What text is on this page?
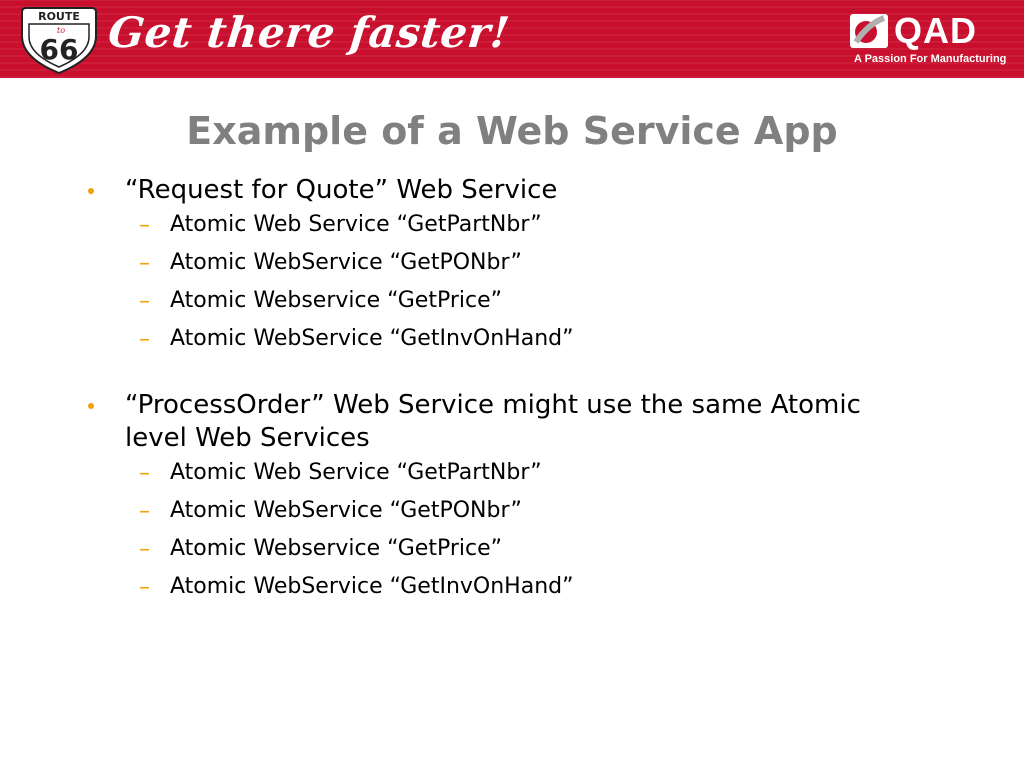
ROUTE
to
66 Get there faster!	QAD
A Passion For Manufacturing
Example of a Web Service App
“Request for Quote” Web Service
– Atomic Web Service “GetPartNbr”
– Atomic WebService “GetPONbr”
– Atomic Webservice “GetPrice”
– Atomic WebService “GetInvOnHand”
“ProcessOrder” Web Service might use the same Atomic level Web Services
– Atomic Web Service “GetPartNbr”
– Atomic WebService “GetPONbr”
– Atomic Webservice “GetPrice”
– Atomic WebService “GetInvOnHand”
